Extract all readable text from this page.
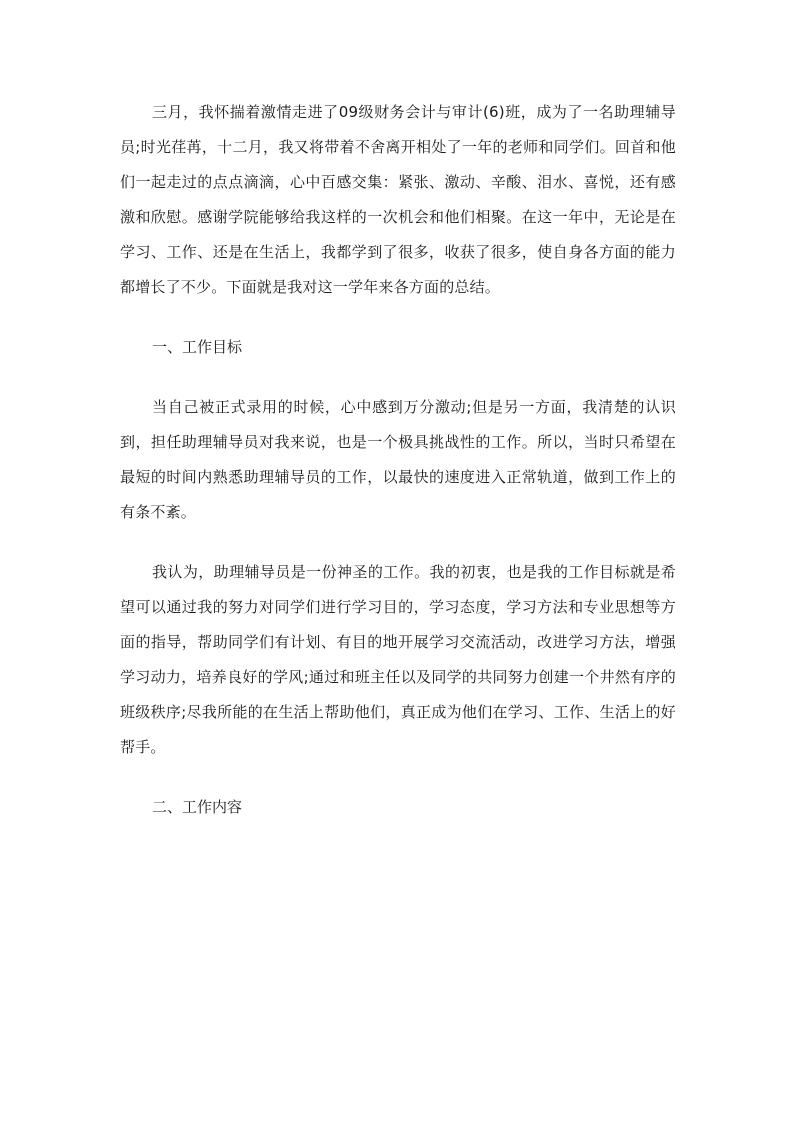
三月，我怀揣着激情走进了09级财务会计与审计(6)班，成为了一名助理辅导员;时光荏苒，十二月，我又将带着不舍离开相处了一年的老师和同学们。回首和他们一起走过的点点滴滴，心中百感交集：紧张、激动、辛酸、泪水、喜悦，还有感激和欣慰。感谢学院能够给我这样的一次机会和他们相聚。在这一年中，无论是在学习、工作、还是在生活上，我都学到了很多，收获了很多，使自身各方面的能力都增长了不少。下面就是我对这一学年来各方面的总结。

一、工作目标

当自己被正式录用的时候，心中感到万分激动;但是另一方面，我清楚的认识到，担任助理辅导员对我来说，也是一个极具挑战性的工作。所以，当时只希望在最短的时间内熟悉助理辅导员的工作，以最快的速度进入正常轨道，做到工作上的有条不紊。

我认为，助理辅导员是一份神圣的工作。我的初衷，也是我的工作目标就是希望可以通过我的努力对同学们进行学习目的，学习态度，学习方法和专业思想等方面的指导，帮助同学们有计划、有目的地开展学习交流活动，改进学习方法，增强学习动力，培养良好的学风;通过和班主任以及同学的共同努力创建一个井然有序的班级秩序;尽我所能的在生活上帮助他们，真正成为他们在学习、工作、生活上的好帮手。

二、工作内容
